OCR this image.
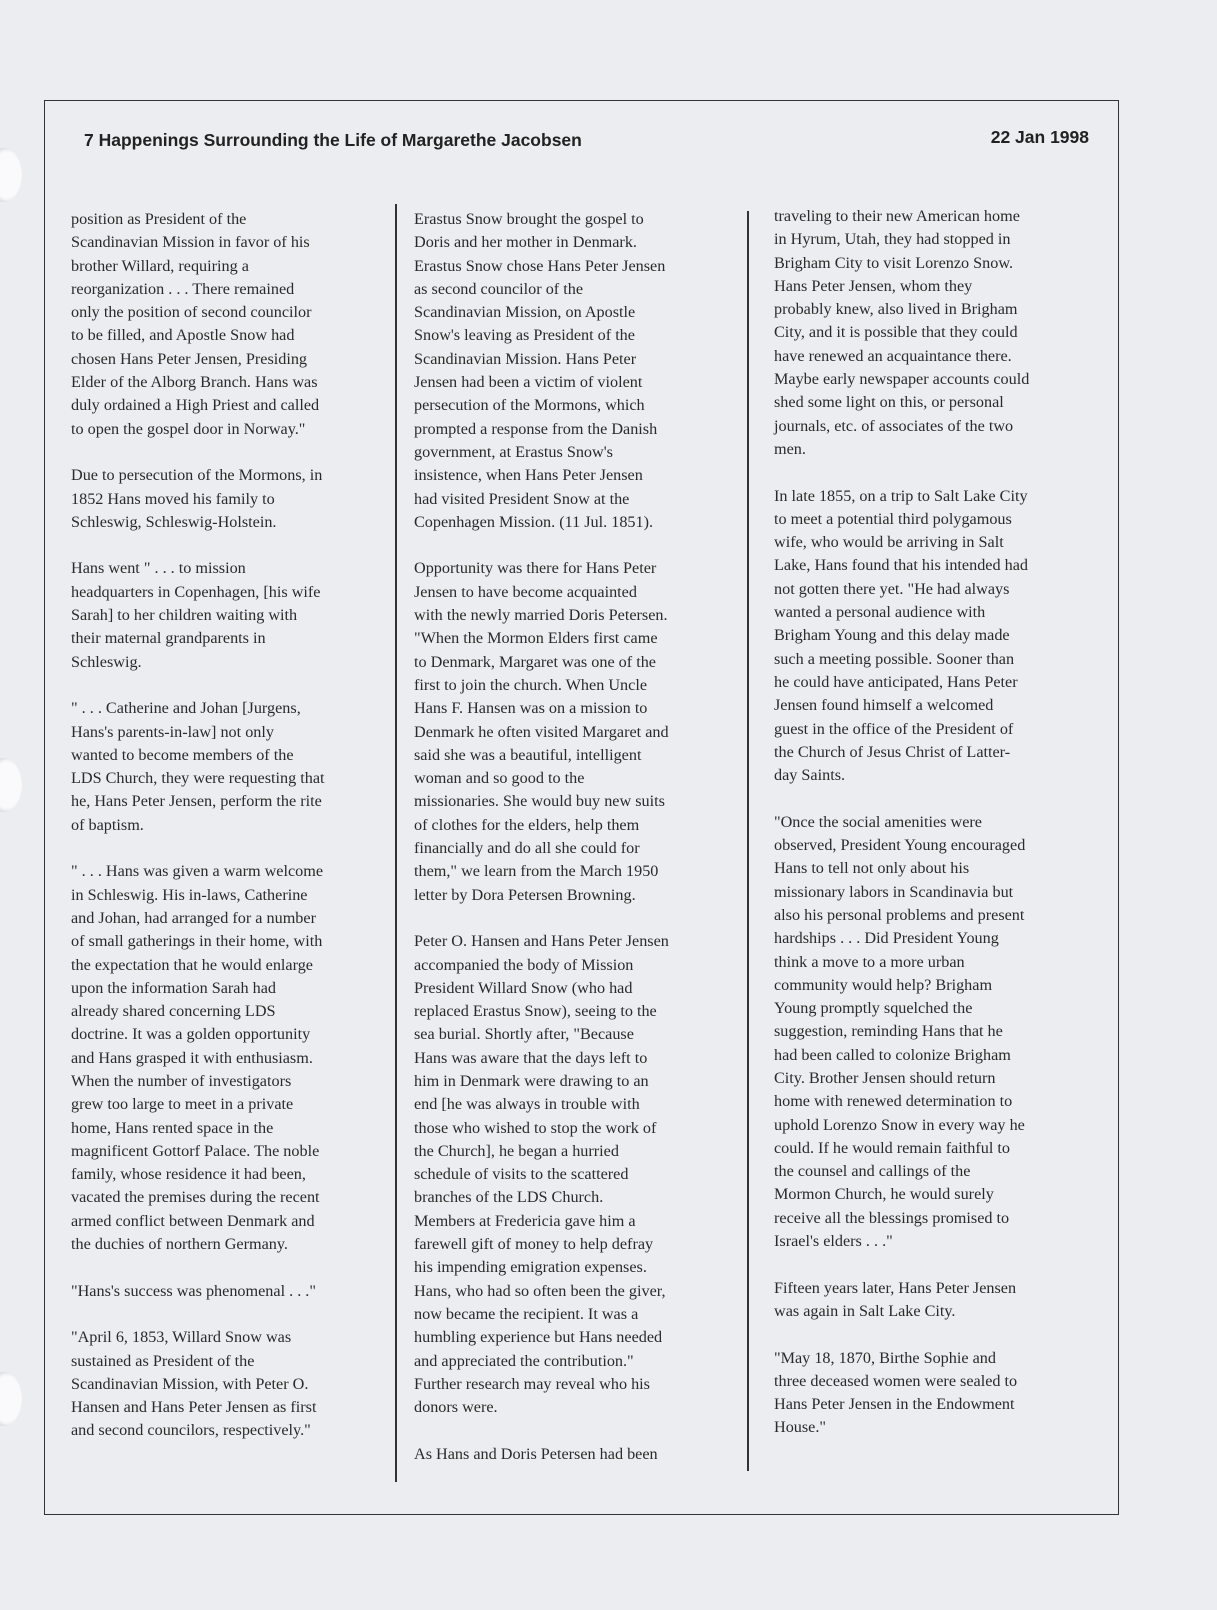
7 Happenings Surrounding the Life of Margarethe Jacobsen	22 Jan 1998

position as President of the
Scandinavian Mission in favor of his
brother Willard, requiring a
reorganization . . . There remained
only the position of second councilor
to be filled, and Apostle Snow had
chosen Hans Peter Jensen, Presiding
Elder of the Alborg Branch. Hans was
duly ordained a High Priest and called
to open the gospel door in Norway."

Due to persecution of the Mormons, in
1852 Hans moved his family to
Schleswig, Schleswig-Holstein.

Hans went " . . . to mission
headquarters in Copenhagen, [his wife
Sarah] to her children waiting with
their maternal grandparents in
Schleswig.

" . . . Catherine and Johan [Jurgens,
Hans's parents-in-law] not only
wanted to become members of the
LDS Church, they were requesting that
he, Hans Peter Jensen, perform the rite
of baptism.

" . . . Hans was given a warm welcome
in Schleswig. His in-laws, Catherine
and Johan, had arranged for a number
of small gatherings in their home, with
the expectation that he would enlarge
upon the information Sarah had
already shared concerning LDS
doctrine. It was a golden opportunity
and Hans grasped it with enthusiasm.
When the number of investigators
grew too large to meet in a private
home, Hans rented space in the
magnificent Gottorf Palace. The noble
family, whose residence it had been,
vacated the premises during the recent
armed conflict between Denmark and
the duchies of northern Germany.

"Hans's success was phenomenal . . ."

"April 6, 1853, Willard Snow was
sustained as President of the
Scandinavian Mission, with Peter O.
Hansen and Hans Peter Jensen as first
and second councilors, respectively."

Erastus Snow brought the gospel to
Doris and her mother in Denmark.
Erastus Snow chose Hans Peter Jensen
as second councilor of the
Scandinavian Mission, on Apostle
Snow's leaving as President of the
Scandinavian Mission. Hans Peter
Jensen had been a victim of violent
persecution of the Mormons, which
prompted a response from the Danish
government, at Erastus Snow's
insistence, when Hans Peter Jensen
had visited President Snow at the
Copenhagen Mission. (11 Jul. 1851).

Opportunity was there for Hans Peter
Jensen to have become acquainted
with the newly married Doris Petersen.
"When the Mormon Elders first came
to Denmark, Margaret was one of the
first to join the church. When Uncle
Hans F. Hansen was on a mission to
Denmark he often visited Margaret and
said she was a beautiful, intelligent
woman and so good to the
missionaries. She would buy new suits
of clothes for the elders, help them
financially and do all she could for
them," we learn from the March 1950
letter by Dora Petersen Browning.

Peter O. Hansen and Hans Peter Jensen
accompanied the body of Mission
President Willard Snow (who had
replaced Erastus Snow), seeing to the
sea burial. Shortly after, "Because
Hans was aware that the days left to
him in Denmark were drawing to an
end [he was always in trouble with
those who wished to stop the work of
the Church], he began a hurried
schedule of visits to the scattered
branches of the LDS Church.
Members at Fredericia gave him a
farewell gift of money to help defray
his impending emigration expenses.
Hans, who had so often been the giver,
now became the recipient. It was a
humbling experience but Hans needed
and appreciated the contribution."
Further research may reveal who his
donors were.

As Hans and Doris Petersen had been

traveling to their new American home
in Hyrum, Utah, they had stopped in
Brigham City to visit Lorenzo Snow.
Hans Peter Jensen, whom they
probably knew, also lived in Brigham
City, and it is possible that they could
have renewed an acquaintance there.
Maybe early newspaper accounts could
shed some light on this, or personal
journals, etc. of associates of the two
men.

In late 1855, on a trip to Salt Lake City
to meet a potential third polygamous
wife, who would be arriving in Salt
Lake, Hans found that his intended had
not gotten there yet. "He had always
wanted a personal audience with
Brigham Young and this delay made
such a meeting possible. Sooner than
he could have anticipated, Hans Peter
Jensen found himself a welcomed
guest in the office of the President of
the Church of Jesus Christ of Latter-
day Saints.

"Once the social amenities were
observed, President Young encouraged
Hans to tell not only about his
missionary labors in Scandinavia but
also his personal problems and present
hardships . . . Did President Young
think a move to a more urban
community would help? Brigham
Young promptly squelched the
suggestion, reminding Hans that he
had been called to colonize Brigham
City. Brother Jensen should return
home with renewed determination to
uphold Lorenzo Snow in every way he
could. If he would remain faithful to
the counsel and callings of the
Mormon Church, he would surely
receive all the blessings promised to
Israel's elders . . ."

Fifteen years later, Hans Peter Jensen
was again in Salt Lake City.

"May 18, 1870, Birthe Sophie and
three deceased women were sealed to
Hans Peter Jensen in the Endowment
House."
